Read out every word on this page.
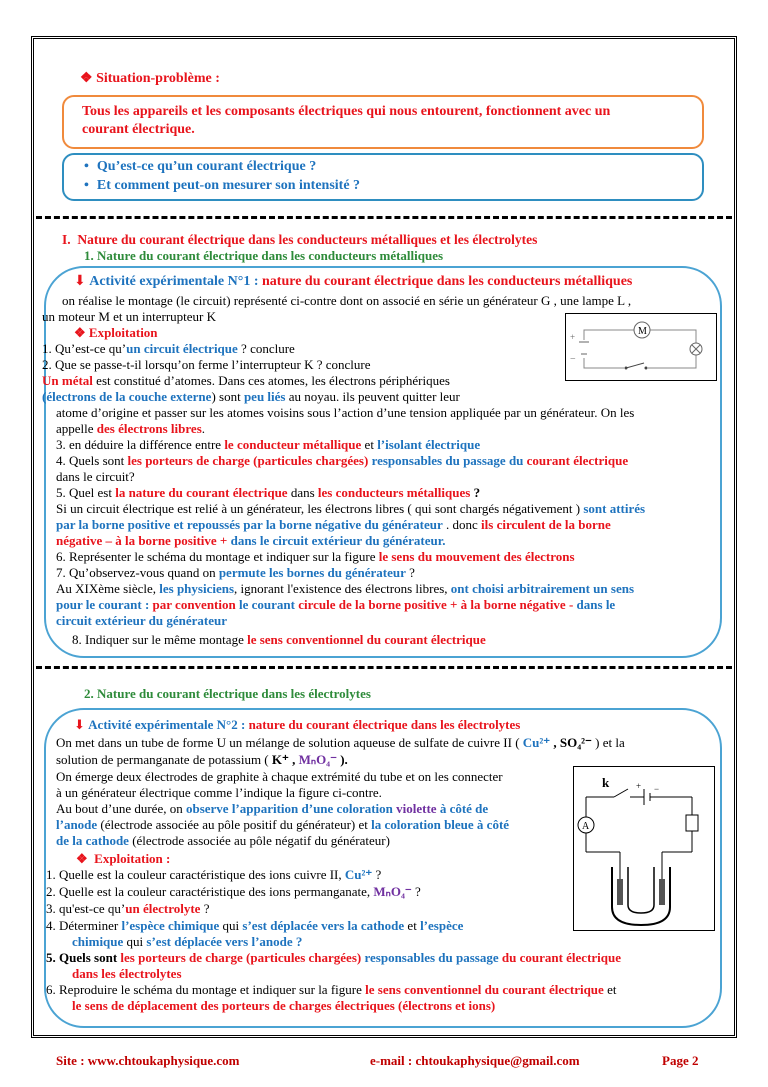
❖ Situation-problème :
Tous les appareils et les composants électriques qui nous entourent, fonctionnent avec un
courant électrique.
• Qu’est-ce qu’un courant électrique ?
• Et comment peut-on mesurer son intensité ?
I. Nature du courant électrique dans les conducteurs métalliques et les électrolytes
1. Nature du courant électrique dans les conducteurs métalliques
⬇ Activité expérimentale N°1 : nature du courant électrique dans les conducteurs métalliques
on réalise le montage (le circuit) représenté ci-contre dont on associé en série un générateur G , une lampe L ,
un moteur M et un interrupteur K
❖ Exploitation	+
−
M
1. Qu’est-ce qu’un circuit électrique ? conclure
2. Que se passe-t-il lorsqu’on ferme l’interrupteur K ? conclure
Un métal est constitué d’atomes. Dans ces atomes, les électrons périphériques
(électrons de la couche externe) sont peu liés au noyau. ils peuvent quitter leur
atome d’origine et passer sur les atomes voisins sous l’action d’une tension appliquée par un générateur. On les
appelle des électrons libres.
3. en déduire la différence entre le conducteur métallique et l’isolant électrique
4. Quels sont les porteurs de charge (particules chargées) responsables du passage du courant électrique
dans le circuit?
5. Quel est la nature du courant électrique dans les conducteurs métalliques ?
Si un circuit électrique est relié à un générateur, les électrons libres ( qui sont chargés négativement ) sont attirés
par la borne positive et repoussés par la borne négative du générateur . donc ils circulent de la borne
négative – à la borne positive + dans le circuit extérieur du générateur.
6. Représenter le schéma du montage et indiquer sur la figure le sens du mouvement des électrons
7. Qu’observez-vous quand on permute les bornes du générateur ?
Au XIXème siècle, les physiciens, ignorant l'existence des électrons libres, ont choisi arbitrairement un sens
pour le courant : par convention le courant circule de la borne positive + à la borne négative - dans le
circuit extérieur du générateur
8. Indiquer sur le même montage le sens conventionnel du courant électrique
2. Nature du courant électrique dans les électrolytes
⬇ Activité expérimentale N°2 : nature du courant électrique dans les électrolytes
On met dans un tube de forme U un mélange de solution aqueuse de sulfate de cuivre II ( Cu²⁺ , SO₄²⁻ ) et la
solution de permanganate de potassium ( K⁺ , MₙO₄⁻ ).
On émerge deux électrodes de graphite à chaque extrémité du tube et on les connecter
à un générateur électrique comme l’indique la figure ci-contre.
Au bout d’une durée, on observe l’apparition d’une coloration violette à côté de
l’anode (électrode associée au pôle positif du générateur) et la coloration bleue à côté
de la cathode (électrode associée au pôle négatif du générateur)
❖  Exploitation :
k	+ −
A
1. Quelle est la couleur caractéristique des ions cuivre II, Cu²⁺ ?
2. Quelle est la couleur caractéristique des ions permanganate, MₙO₄⁻ ?
3. qu'est-ce qu’un électrolyte ?
4. Déterminer l’espèce chimique qui s’est déplacée vers la cathode et l’espèce
chimique qui s’est déplacée vers l’anode ?
5. Quels sont les porteurs de charge (particules chargées) responsables du passage du courant électrique
dans les électrolytes
6. Reproduire le schéma du montage et indiquer sur la figure le sens conventionnel du courant électrique et
le sens de déplacement des porteurs de charges électriques (électrons et ions)
Site : www.chtoukaphysique.com	e-mail : chtoukaphysique@gmail.com	Page 2
